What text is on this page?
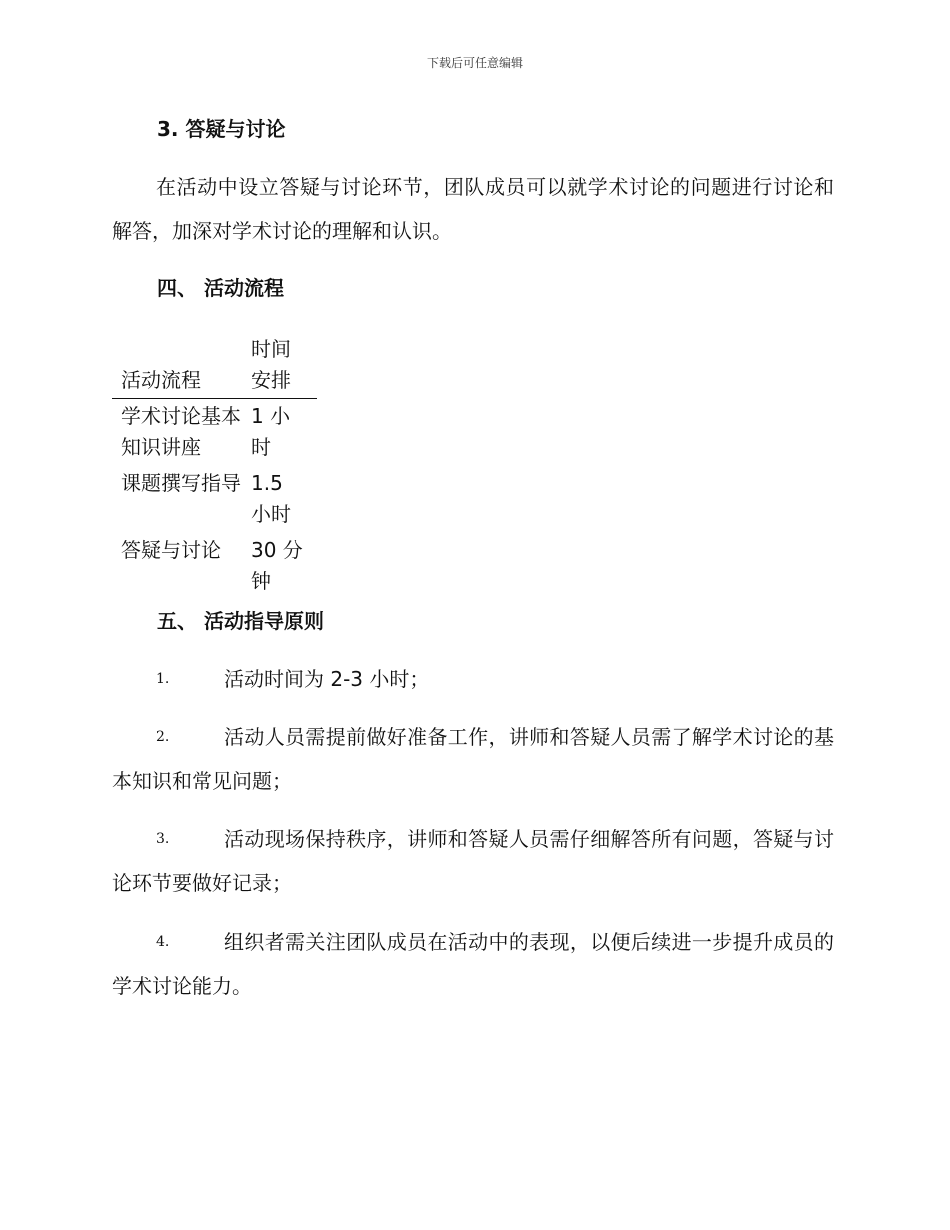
下载后可任意编辑
3. 答疑与讨论
在活动中设立答疑与讨论环节，团队成员可以就学术讨论的问题进行讨论和解答，加深对学术讨论的理解和认识。
四、 活动流程
活动流程	时间安排
学术讨论基本知识讲座	1 小时
课题撰写指导	1.5 小时
答疑与讨论	30 分钟
五、 活动指导原则
1.	活动时间为 2-3 小时；
2.	活动人员需提前做好准备工作，讲师和答疑人员需了解学术讨论的基本知识和常见问题；
3.	活动现场保持秩序，讲师和答疑人员需仔细解答所有问题，答疑与讨论环节要做好记录；
4.	组织者需关注团队成员在活动中的表现，以便后续进一步提升成员的学术讨论能力。
